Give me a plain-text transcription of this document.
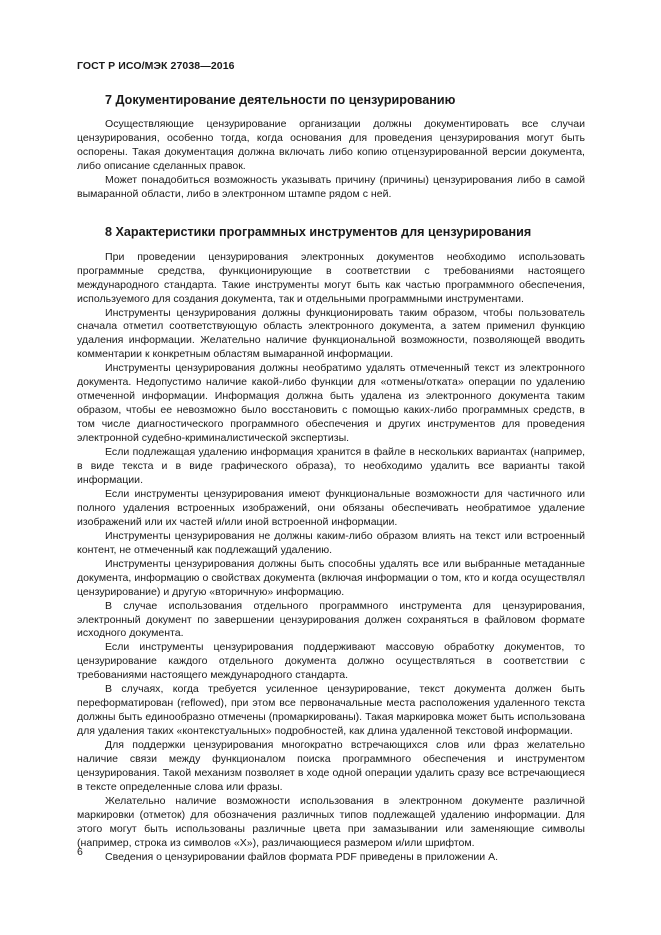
ГОСТ Р ИСО/МЭК 27038—2016
7 Документирование деятельности по цензурированию

Осуществляющие цензурирование организации должны документировать все случаи цензурирования, особенно тогда, когда основания для проведения цензурирования могут быть оспорены. Такая документация должна включать либо копию отцензурированной версии документа, либо описание сделанных правок.

Может понадобиться возможность указывать причину (причины) цензурирования либо в самой вымаранной области, либо в электронном штампе рядом с ней.

8 Характеристики программных инструментов для цензурирования

При проведении цензурирования электронных документов необходимо использовать программные средства, функционирующие в соответствии с требованиями настоящего международного стандарта. Такие инструменты могут быть как частью программного обеспечения, используемого для создания документа, так и отдельными программными инструментами.

Инструменты цензурирования должны функционировать таким образом, чтобы пользователь сначала отметил соответствующую область электронного документа, а затем применил функцию удаления информации. Желательно наличие функциональной возможности, позволяющей вводить комментарии к конкретным областям вымаранной информации.

Инструменты цензурирования должны необратимо удалять отмеченный текст из электронного документа. Недопустимо наличие какой-либо функции для «отмены/отката» операции по удалению отмеченной информации. Информация должна быть удалена из электронного документа таким образом, чтобы ее невозможно было восстановить с помощью каких-либо программных средств, в том числе диагностического программного обеспечения и других инструментов для проведения электронной судебно-криминалистической экспертизы.

Если подлежащая удалению информация хранится в файле в нескольких вариантах (например, в виде текста и в виде графического образа), то необходимо удалить все варианты такой информации.

Если инструменты цензурирования имеют функциональные возможности для частичного или полного удаления встроенных изображений, они обязаны обеспечивать необратимое удаление изображений или их частей и/или иной встроенной информации.

Инструменты цензурирования не должны каким-либо образом влиять на текст или встроенный контент, не отмеченный как подлежащий удалению.

Инструменты цензурирования должны быть способны удалять все или выбранные метаданные документа, информацию о свойствах документа (включая информации о том, кто и когда осуществлял цензурирование) и другую «вторичную» информацию.

В случае использования отдельного программного инструмента для цензурирования, электронный документ по завершении цензурирования должен сохраняться в файловом формате исходного документа.

Если инструменты цензурирования поддерживают массовую обработку документов, то цензурирование каждого отдельного документа должно осуществляться в соответствии с требованиями настоящего международного стандарта.

В случаях, когда требуется усиленное цензурирование, текст документа должен быть переформатирован (reflowed), при этом все первоначальные места расположения удаленного текста должны быть единообразно отмечены (промаркированы). Такая маркировка может быть использована для удаления таких «контекстуальных» подробностей, как длина удаленной текстовой информации.

Для поддержки цензурирования многократно встречающихся слов или фраз желательно наличие связи между функционалом поиска программного обеспечения и инструментом цензурирования. Такой механизм позволяет в ходе одной операции удалить сразу все встречающиеся в тексте определенные слова или фразы.

Желательно наличие возможности использования в электронном документе различной маркировки (отметок) для обозначения различных типов подлежащей удалению информации. Для этого могут быть использованы различные цвета при замазывании или заменяющие символы (например, строка из символов «X»), различающиеся размером и/или шрифтом.

Сведения о цензурировании файлов формата PDF приведены в приложении А.

6
